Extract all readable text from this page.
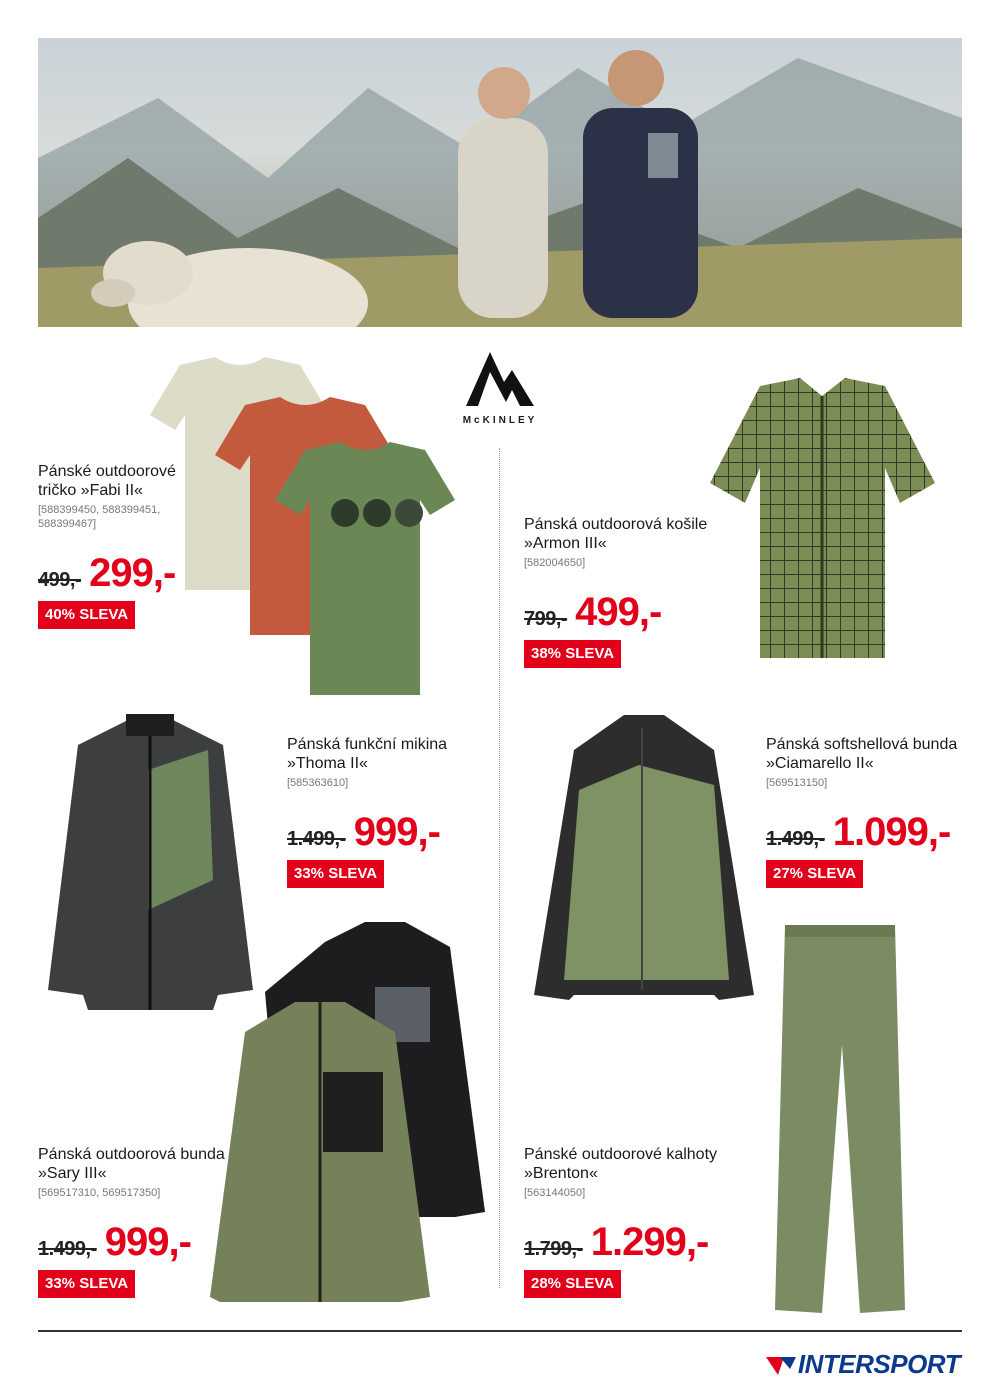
McKINLEY
Pánské outdoorové tričko »Fabi II«
[588399450, 588399451, 588399467]
499,- 299,-
40% SLEVA
Pánská outdoorová košile »Armon III«
[582004650]
799,- 499,-
38% SLEVA
Pánská funkční mikina »Thoma II«
[585363610]
1.499,- 999,-
33% SLEVA
Pánská softshellová bunda »Ciamarello II«
[569513150]
1.499,- 1.099,-
27% SLEVA
Pánská outdoorová bunda »Sary III«
[569517310, 569517350]
1.499,- 999,-
33% SLEVA
Pánské outdoorové kalhoty »Brenton«
[563144050]
1.799,- 1.299,-
28% SLEVA
INTERSPORT
